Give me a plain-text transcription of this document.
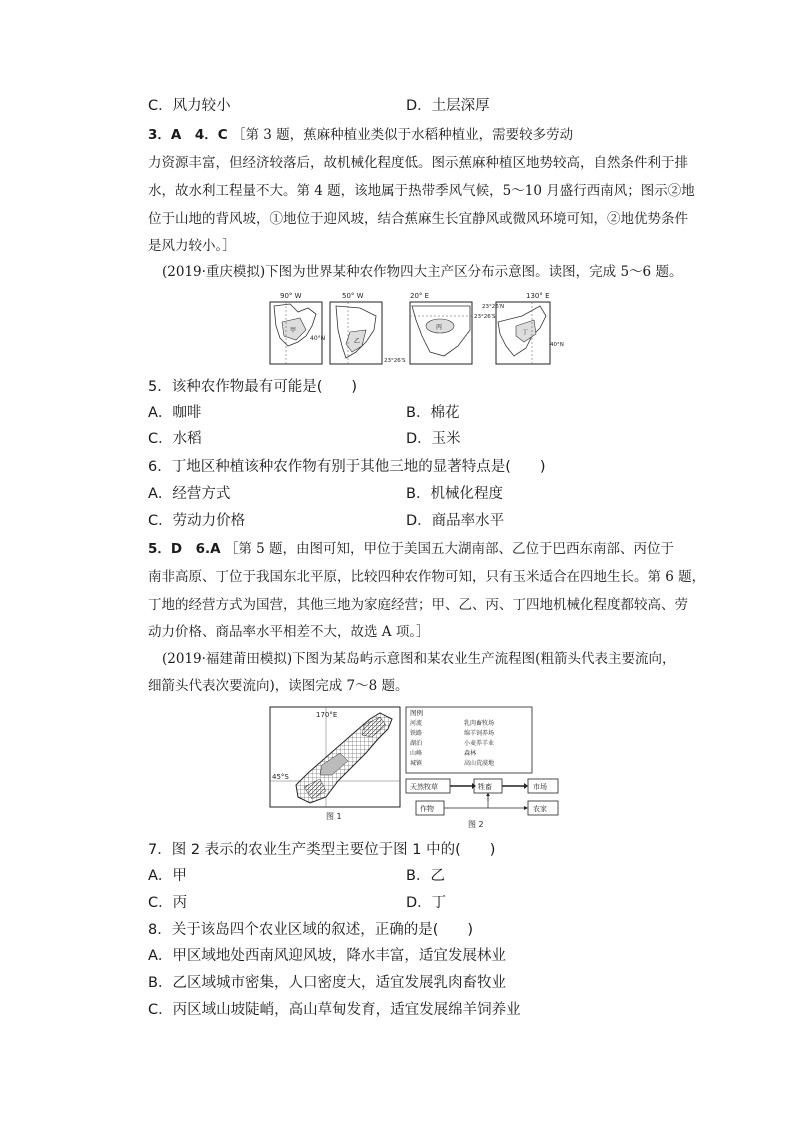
C．风力较小	D．土层深厚
3．A　4．C ［第 3 题，蕉麻种植业类似于水稻种植业，需要较多劳动
力资源丰富，但经济较落后，故机械化程度低。图示蕉麻种植区地势较高，自然条件利于排
水，故水利工程量不大。第 4 题，该地属于热带季风气候，5～10 月盛行西南风；图示②地
位于山地的背风坡，①地位于迎风坡，结合蕉麻生长宜静风或微风环境可知，②地优势条件
是风力较小。］
(2019·重庆模拟)下图为世界某种农作物四大主产区分布示意图。读图，完成 5～6 题。
甲
90° W
40°N	乙
50° W
23°26′S
丙
20° E
23°26′S
丁
130° E
40°N
23°26′N
5．该种农作物最有可能是(　　)
A．咖啡	B．棉花
C．水稻	D．玉米
6．丁地区种植该种农作物有别于其他三地的显著特点是(　　)
A．经营方式	B．机械化程度
C．劳动力价格	D．商品率水平
5．D　6.A ［第 5 题，由图可知，甲位于美国五大湖南部、乙位于巴西东南部、丙位于
南非高原、丁位于我国东北平原，比较四种农作物可知，只有玉米适合在四地生长。第 6 题，
丁地的经营方式为国营，其他三地为家庭经营；甲、乙、丙、丁四地机械化程度都较高、劳
动力价格、商品率水平相差不大，故选 A 项。］
(2019·福建莆田模拟)下图为某岛屿示意图和某农业生产流程图(粗箭头代表主要流向，
细箭头代表次要流向)，读图完成 7～8 题。
170°E
45°S
图 1
图例
河流	乳肉畜牧场
铁路	绵羊饲养场
湖泊	小麦养羊业
山峰	森林
城镇	高山荒漠地
天然牧草
作物
牲畜	市场
农家
图 2
7．图 2 表示的农业生产类型主要位于图 1 中的(　　)
A．甲	B．乙
C．丙	D．丁
8．关于该岛四个农业区域的叙述，正确的是(　　)
A．甲区域地处西南风迎风坡，降水丰富，适宜发展林业
B．乙区域城市密集，人口密度大，适宜发展乳肉畜牧业
C．丙区域山坡陡峭，高山草甸发育，适宜发展绵羊饲养业
